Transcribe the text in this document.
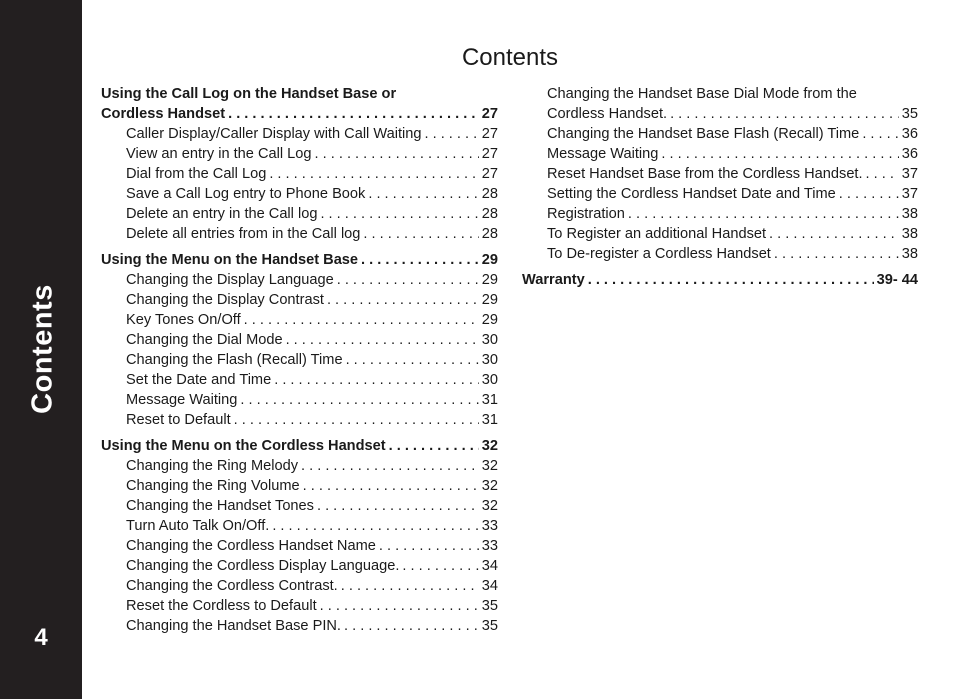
Contents
4
Contents
Using the Call Log on the Handset Base or
Cordless Handset . . .	27
Caller Display/Caller Display with Call Waiting . . .	27
View an entry in the Call Log . . .	27
Dial from the Call Log . . .	27
Save a Call Log entry to Phone Book . . .	28
Delete an entry in the Call log . . .	28
Delete all entries from in the Call log . . .	28
Using the Menu on the Handset Base . . .	29
Changing the Display Language . . .	29
Changing the Display Contrast . . .	29
Key Tones On/Off . . .	29
Changing the Dial Mode . . .	30
Changing the Flash (Recall) Time . . .	30
Set the Date and Time . . .	30
Message Waiting . . .	31
Reset to Default . . .	31
Using the Menu on the Cordless Handset . . .	32
Changing the Ring Melody . . .	32
Changing the Ring Volume . . .	32
Changing the Handset Tones . . .	32
Turn Auto Talk On/Off. . . .	33
Changing the Cordless Handset Name . . .	33
Changing the Cordless Display Language. . . .	34
Changing the Cordless Contrast. . . .	34
Reset the Cordless to Default . . .	35
Changing the Handset Base PIN. . . .	35
Changing the Handset Base Dial Mode from the
Cordless Handset. . . .	35
Changing the Handset Base Flash (Recall) Time . . .	36
Message Waiting . . .	36
Reset Handset Base from the Cordless Handset. . . .	37
Setting the Cordless Handset Date and Time . . .	37
Registration . . .	38
To Register an additional Handset . . .	38
To De-register a Cordless Handset . . .	38
Warranty . . .	39- 44
